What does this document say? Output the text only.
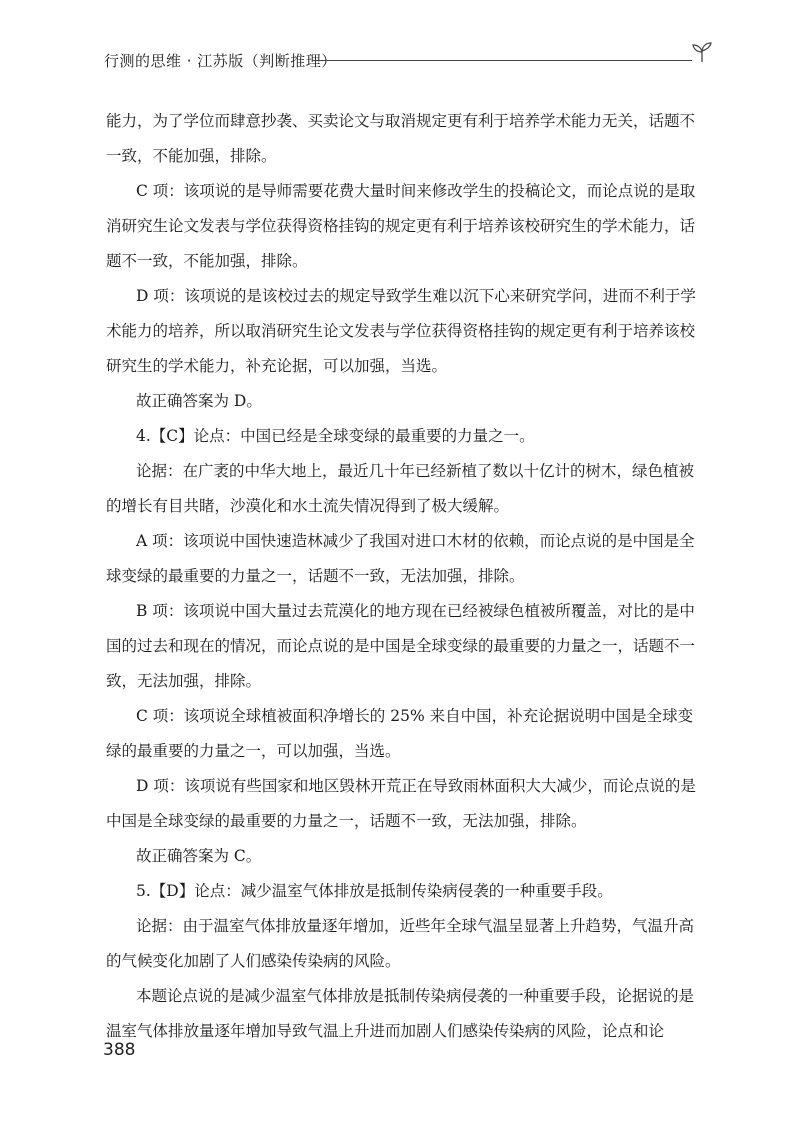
行测的思维 · 江苏版（判断推理）

能力，为了学位而肆意抄袭、买卖论文与取消规定更有利于培养学术能力无关，话题不一致，不能加强，排除。

C 项：该项说的是导师需要花费大量时间来修改学生的投稿论文，而论点说的是取消研究生论文发表与学位获得资格挂钩的规定更有利于培养该校研究生的学术能力，话题不一致，不能加强，排除。

D 项：该项说的是该校过去的规定导致学生难以沉下心来研究学问，进而不利于学术能力的培养，所以取消研究生论文发表与学位获得资格挂钩的规定更有利于培养该校研究生的学术能力，补充论据，可以加强，当选。

故正确答案为 D。

4.【C】论点：中国已经是全球变绿的最重要的力量之一。

论据：在广袤的中华大地上，最近几十年已经新植了数以十亿计的树木，绿色植被的增长有目共睹，沙漠化和水土流失情况得到了极大缓解。

A 项：该项说中国快速造林减少了我国对进口木材的依赖，而论点说的是中国是全球变绿的最重要的力量之一，话题不一致，无法加强，排除。

B 项：该项说中国大量过去荒漠化的地方现在已经被绿色植被所覆盖，对比的是中国的过去和现在的情况，而论点说的是中国是全球变绿的最重要的力量之一，话题不一致，无法加强，排除。

C 项：该项说全球植被面积净增长的 25% 来自中国，补充论据说明中国是全球变绿的最重要的力量之一，可以加强，当选。

D 项：该项说有些国家和地区毁林开荒正在导致雨林面积大大减少，而论点说的是中国是全球变绿的最重要的力量之一，话题不一致，无法加强，排除。

故正确答案为 C。

5.【D】论点：减少温室气体排放是抵制传染病侵袭的一种重要手段。

论据：由于温室气体排放量逐年增加，近些年全球气温呈显著上升趋势，气温升高的气候变化加剧了人们感染传染病的风险。

本题论点说的是减少温室气体排放是抵制传染病侵袭的一种重要手段，论据说的是温室气体排放量逐年增加导致气温上升进而加剧人们感染传染病的风险，论点和论

388
